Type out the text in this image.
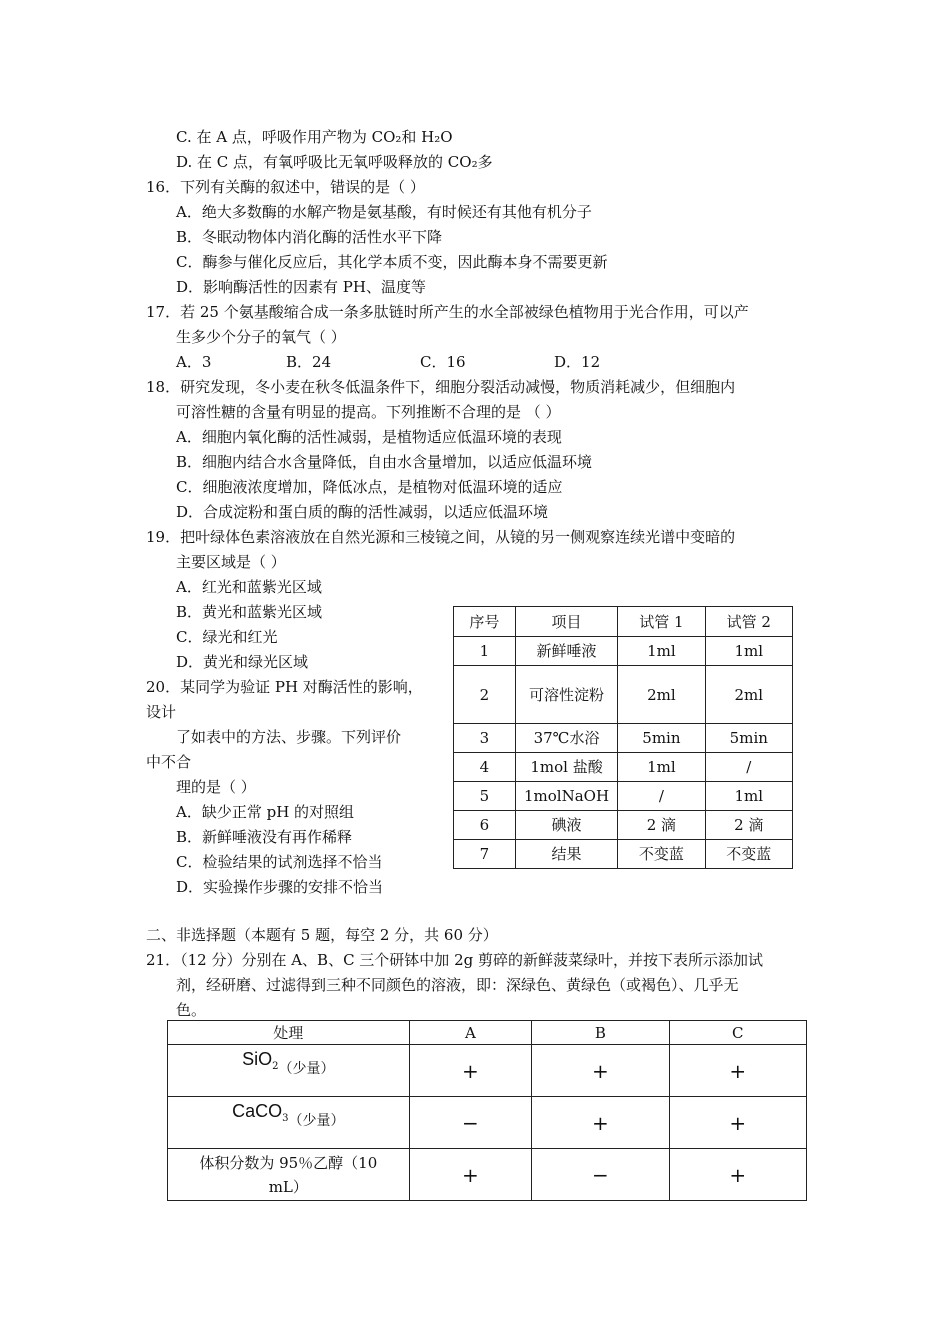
C. 在 A 点，呼吸作用产物为 CO₂和 H₂O
D. 在 C 点，有氧呼吸比无氧呼吸释放的 CO₂多
16．下列有关酶的叙述中，错误的是（ ）
A．绝大多数酶的水解产物是氨基酸，有时候还有其他有机分子
B．冬眠动物体内消化酶的活性水平下降
C．酶参与催化反应后，其化学本质不变，因此酶本身不需要更新
D．影响酶活性的因素有 PH、温度等
17．若 25 个氨基酸缩合成一条多肽链时所产生的水全部被绿色植物用于光合作用，可以产
生多少个分子的氧气（ ）
A．3	B．24	C．16	D．12
18．研究发现，冬小麦在秋冬低温条件下，细胞分裂活动减慢，物质消耗减少，但细胞内
可溶性糖的含量有明显的提高。下列推断不合理的是 （ ）
A．细胞内氧化酶的活性减弱，是植物适应低温环境的表现
B．细胞内结合水含量降低，自由水含量增加，以适应低温环境
C．细胞液浓度增加，降低冰点，是植物对低温环境的适应
D．合成淀粉和蛋白质的酶的活性减弱，以适应低温环境
19．把叶绿体色素溶液放在自然光源和三棱镜之间，从镜的另一侧观察连续光谱中变暗的
主要区域是（ ）
A．红光和蓝紫光区域
B．黄光和蓝紫光区域
C．绿光和红光
D．黄光和绿光区域
20．某同学为验证 PH 对酶活性的影响，
设计
了如表中的方法、步骤。下列评价
中不合
理的是（ ）
A．缺少正常 pH 的对照组
B．新鲜唾液没有再作稀释
C．检验结果的试剂选择不恰当
D．实验操作步骤的安排不恰当
序号	项目	试管 1	试管 2
1	新鲜唾液	1ml	1ml
2	可溶性淀粉	2ml	2ml
3	37℃水浴	5min	5min
4	1mol 盐酸	1ml	/
5	1molNaOH	/	1ml
6	碘液	2 滴	2 滴
7	结果	不变蓝	不变蓝
二、非选择题（本题有 5 题，每空 2 分，共 60 分）
21．（12 分）分别在 A、B、C 三个研钵中加 2g 剪碎的新鲜菠菜绿叶，并按下表所示添加试
剂，经研磨、过滤得到三种不同颜色的溶液，即：深绿色、黄绿色（或褐色）、几乎无
色。
处理	A	B	C
SiO$_2$（少量）	+	+	+
CaCO$_3$（少量）	−	+	+
体积分数为 95％乙醇（10 mL）	+	−	+
